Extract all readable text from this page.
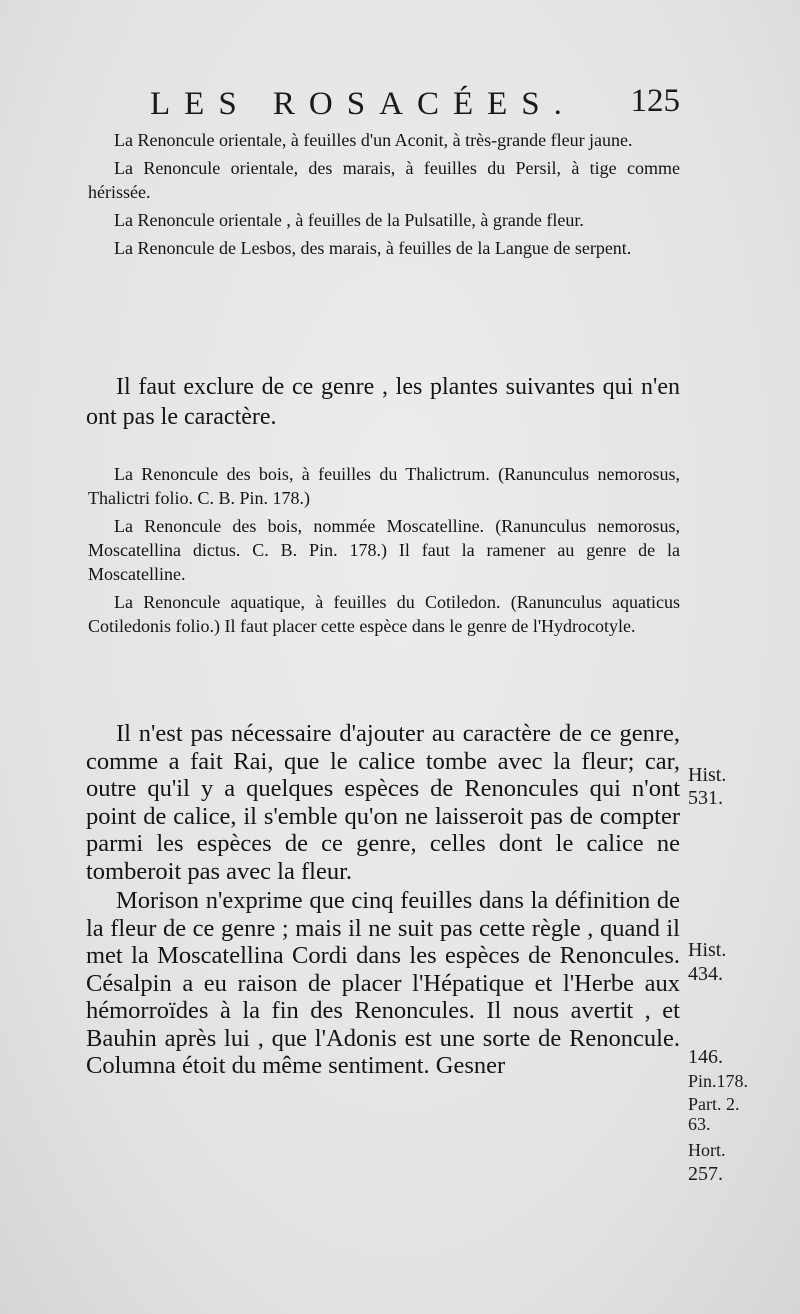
LES ROSACÉES. 125

La Renoncule orientale, à feuilles d'un Aconit, à très-grande fleur jaune.

La Renoncule orientale, des marais, à feuilles du Persil, à tige comme hérissée.

La Renoncule orientale , à feuilles de la Pulsatille, à grande fleur.

La Renoncule de Lesbos, des marais, à feuilles de la Langue de serpent.

Il faut exclure de ce genre , les plantes suivantes qui n'en ont pas le caractère.

La Renoncule des bois, à feuilles du Thalictrum. (Ranunculus nemorosus, Thalictri folio. C. B. Pin. 178.)

La Renoncule des bois, nommée Moscatelline. (Ranunculus nemorosus, Moscatellina dictus. C. B. Pin. 178.) Il faut la ramener au genre de la Moscatelline.

La Renoncule aquatique, à feuilles du Cotiledon. (Ranunculus aquaticus Cotiledonis folio.) Il faut placer cette espèce dans le genre de l'Hydrocotyle.

Il n'est pas nécessaire d'ajouter au caractère de ce genre, comme a fait Rai, que le calice tombe avec la fleur; car, outre qu'il y a quelques espèces de Renoncules qui n'ont point de calice, il s'emble qu'on ne laisseroit pas de compter parmi les espèces de ce genre, celles dont le calice ne tomberoit pas avec la fleur.

Morison n'exprime que cinq feuilles dans la définition de la fleur de ce genre ; mais il ne suit pas cette règle , quand il met la Moscatellina Cordi dans les espèces de Renoncules. Césalpin a eu raison de placer l'Hépatique et l'Herbe aux hémorroïdes à la fin des Renoncules. Il nous avertit , et Bauhin après lui , que l'Adonis est une sorte de Renoncule. Columna étoit du même sentiment. Gesner

Hist.
531.
Hist.
434.
146.
Pin.178.
Part. 2.
63.
Hort.
257.
